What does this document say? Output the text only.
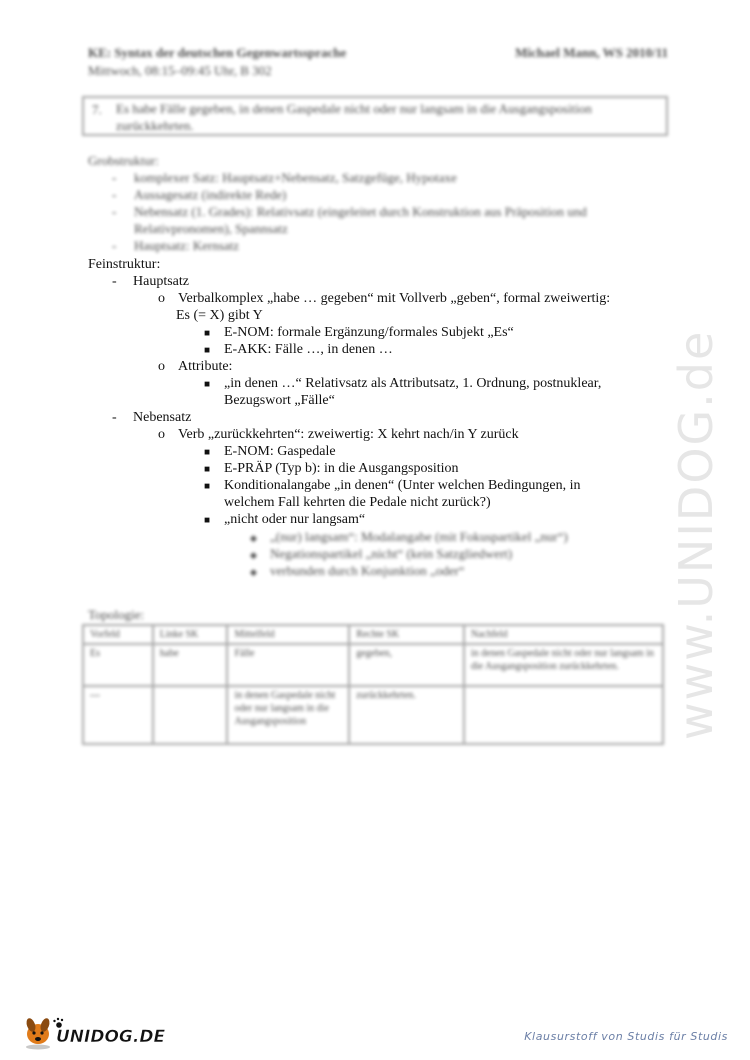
KE: Syntax der deutschen Gegenwartssprache
Mittwoch, 08:15–09:45 Uhr, B 302
Michael Mann, WS 2010/11
7. Es habe Fälle gegeben, in denen Gaspedale nicht oder nur langsam in die Ausgangsposition zurückkehrten.
Grobstruktur:
- komplexer Satz: Hauptsatz+Nebensatz, Satzgefüge, Hypotaxe
- Aussagesatz (indirekte Rede)
- Nebensatz (1. Grades): Relativsatz (eingeleitet durch Konstruktion aus Präposition und Relativpronomen), Spannsatz
- Hauptsatz: Kernsatz
Feinstruktur:
- Hauptsatz
o Verbalkomplex „habe … gegeben“ mit Vollverb „geben“, formal zweiwertig:
Es (= X) gibt Y
■ E-NOM: formale Ergänzung/formales Subjekt „Es“
■ E-AKK: Fälle …, in denen …
o Attribute:
■ „in denen …“ Relativsatz als Attributsatz, 1. Ordnung, postnuklear,
Bezugswort „Fälle“
- Nebensatz
o Verb „zurückkehrten“: zweiwertig: X kehrt nach/in Y zurück
■ E-NOM: Gaspedale
■ E-PRÄP (Typ b): in die Ausgangsposition
■ Konditionalangabe „in denen“ (Unter welchen Bedingungen, in
welchem Fall kehrten die Pedale nicht zurück?)
■ „nicht oder nur langsam“
◆ „(nur) langsam“: Modalangabe (mit Fokuspartikel „nur“)
◆ Negationspartikel „nicht“ (kein Satzgliedwert)
◆ verbunden durch Konjunktion „oder“
Topologie:
Vorfeld	Linke SK	Mittelfeld	Rechte SK	Nachfeld
Es	habe	Fälle	gegeben,	in denen Gaspedale nicht oder nur langsam in die Ausgangsposition zurückkehrten.
---		in denen Gaspedale nicht oder nur langsam in die Ausgangsposition	zurückkehrten.		www.UNIDOG.de
UNIDOG.DE	Klausurstoff von Studis für Studis
